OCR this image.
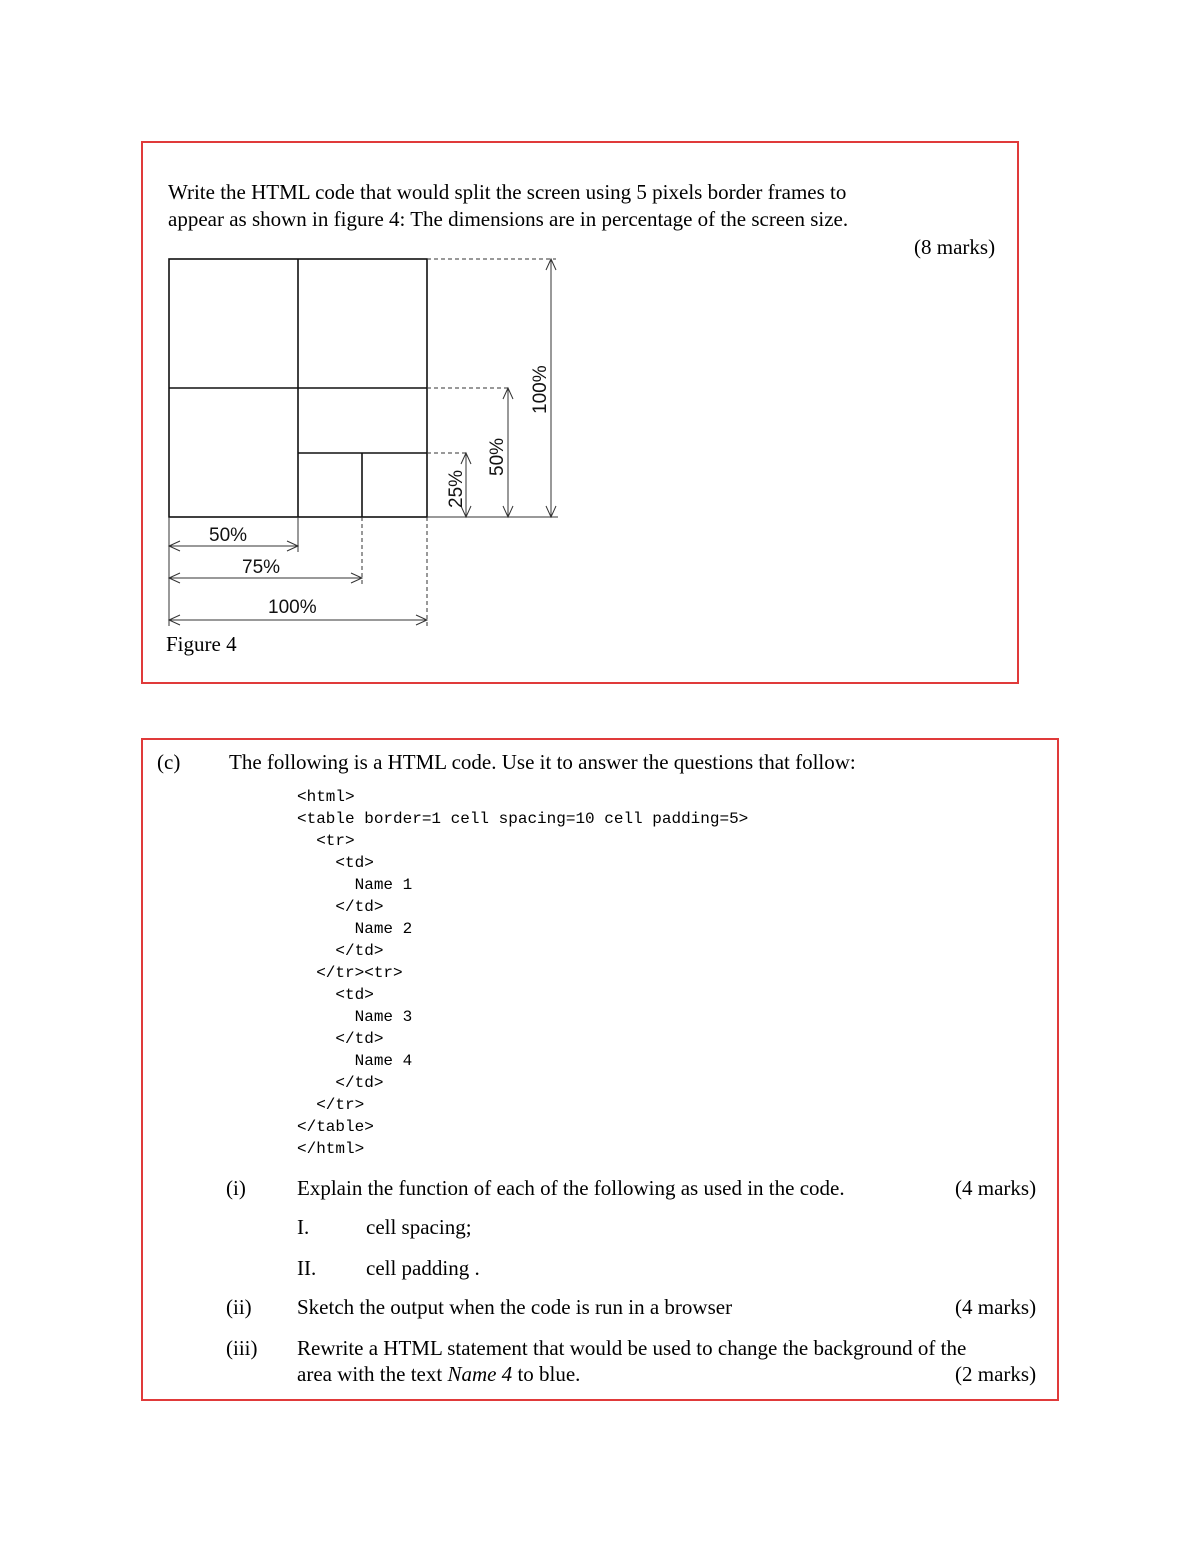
Write the HTML code that would split the screen using 5 pixels border frames to
appear as shown in figure 4: The dimensions are in percentage of the screen size.
(8 marks)
50%
75%
100%
25%
50%
100%
Figure 4
(c) The following is a HTML code. Use it to answer the questions that follow:
<html>
<table border=1 cell spacing=10 cell padding=5>
<tr>
<td>
Name 1
</td>
Name 2
</td>
</tr><tr>
<td>
Name 3
</td>
Name 4
</td>
</tr>
</table>
</html>
(i) Explain the function of each of the following as used in the code.	(4 marks)
I.	cell spacing;
II. cell padding .
(ii) Sketch the output when the code is run in a browser	(4 marks)
(iii) Rewrite a HTML statement that would be used to change the background of the
area with the text Name 4 to blue.	(2 marks)
